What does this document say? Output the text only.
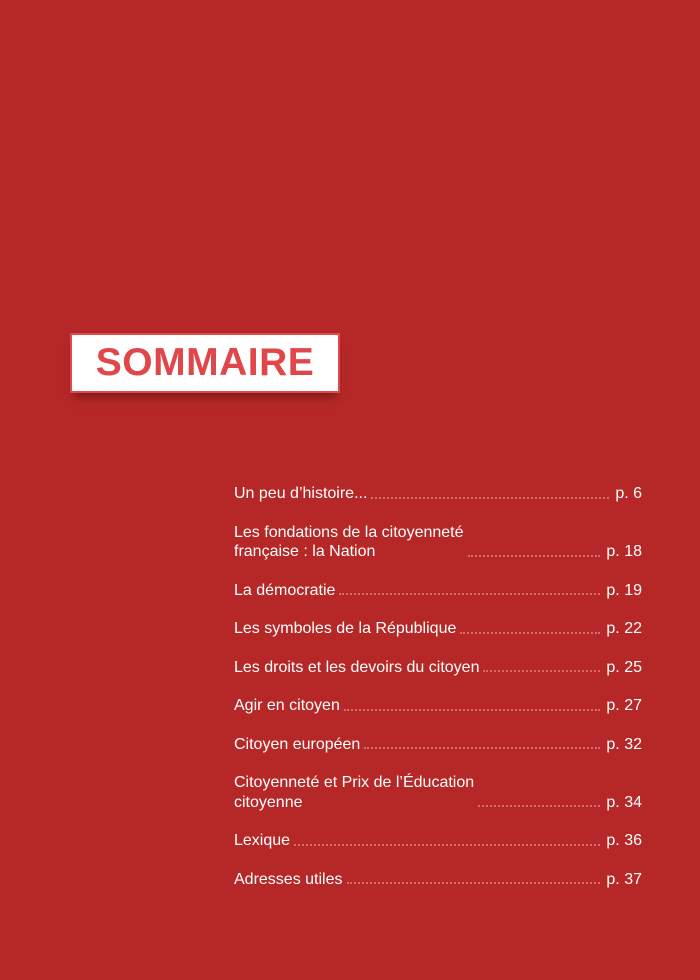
SOMMAIRE
Un peu d’histoire...	p. 6
Les fondations de la citoyenneté
française : la Nation	p. 18
La démocratie	p. 19
Les symboles de la République	p. 22
Les droits et les devoirs du citoyen	p. 25
Agir en citoyen	p. 27
Citoyen européen	p. 32
Citoyenneté et Prix de l’Éducation
citoyenne	p. 34
Lexique	p. 36
Adresses utiles	p. 37
